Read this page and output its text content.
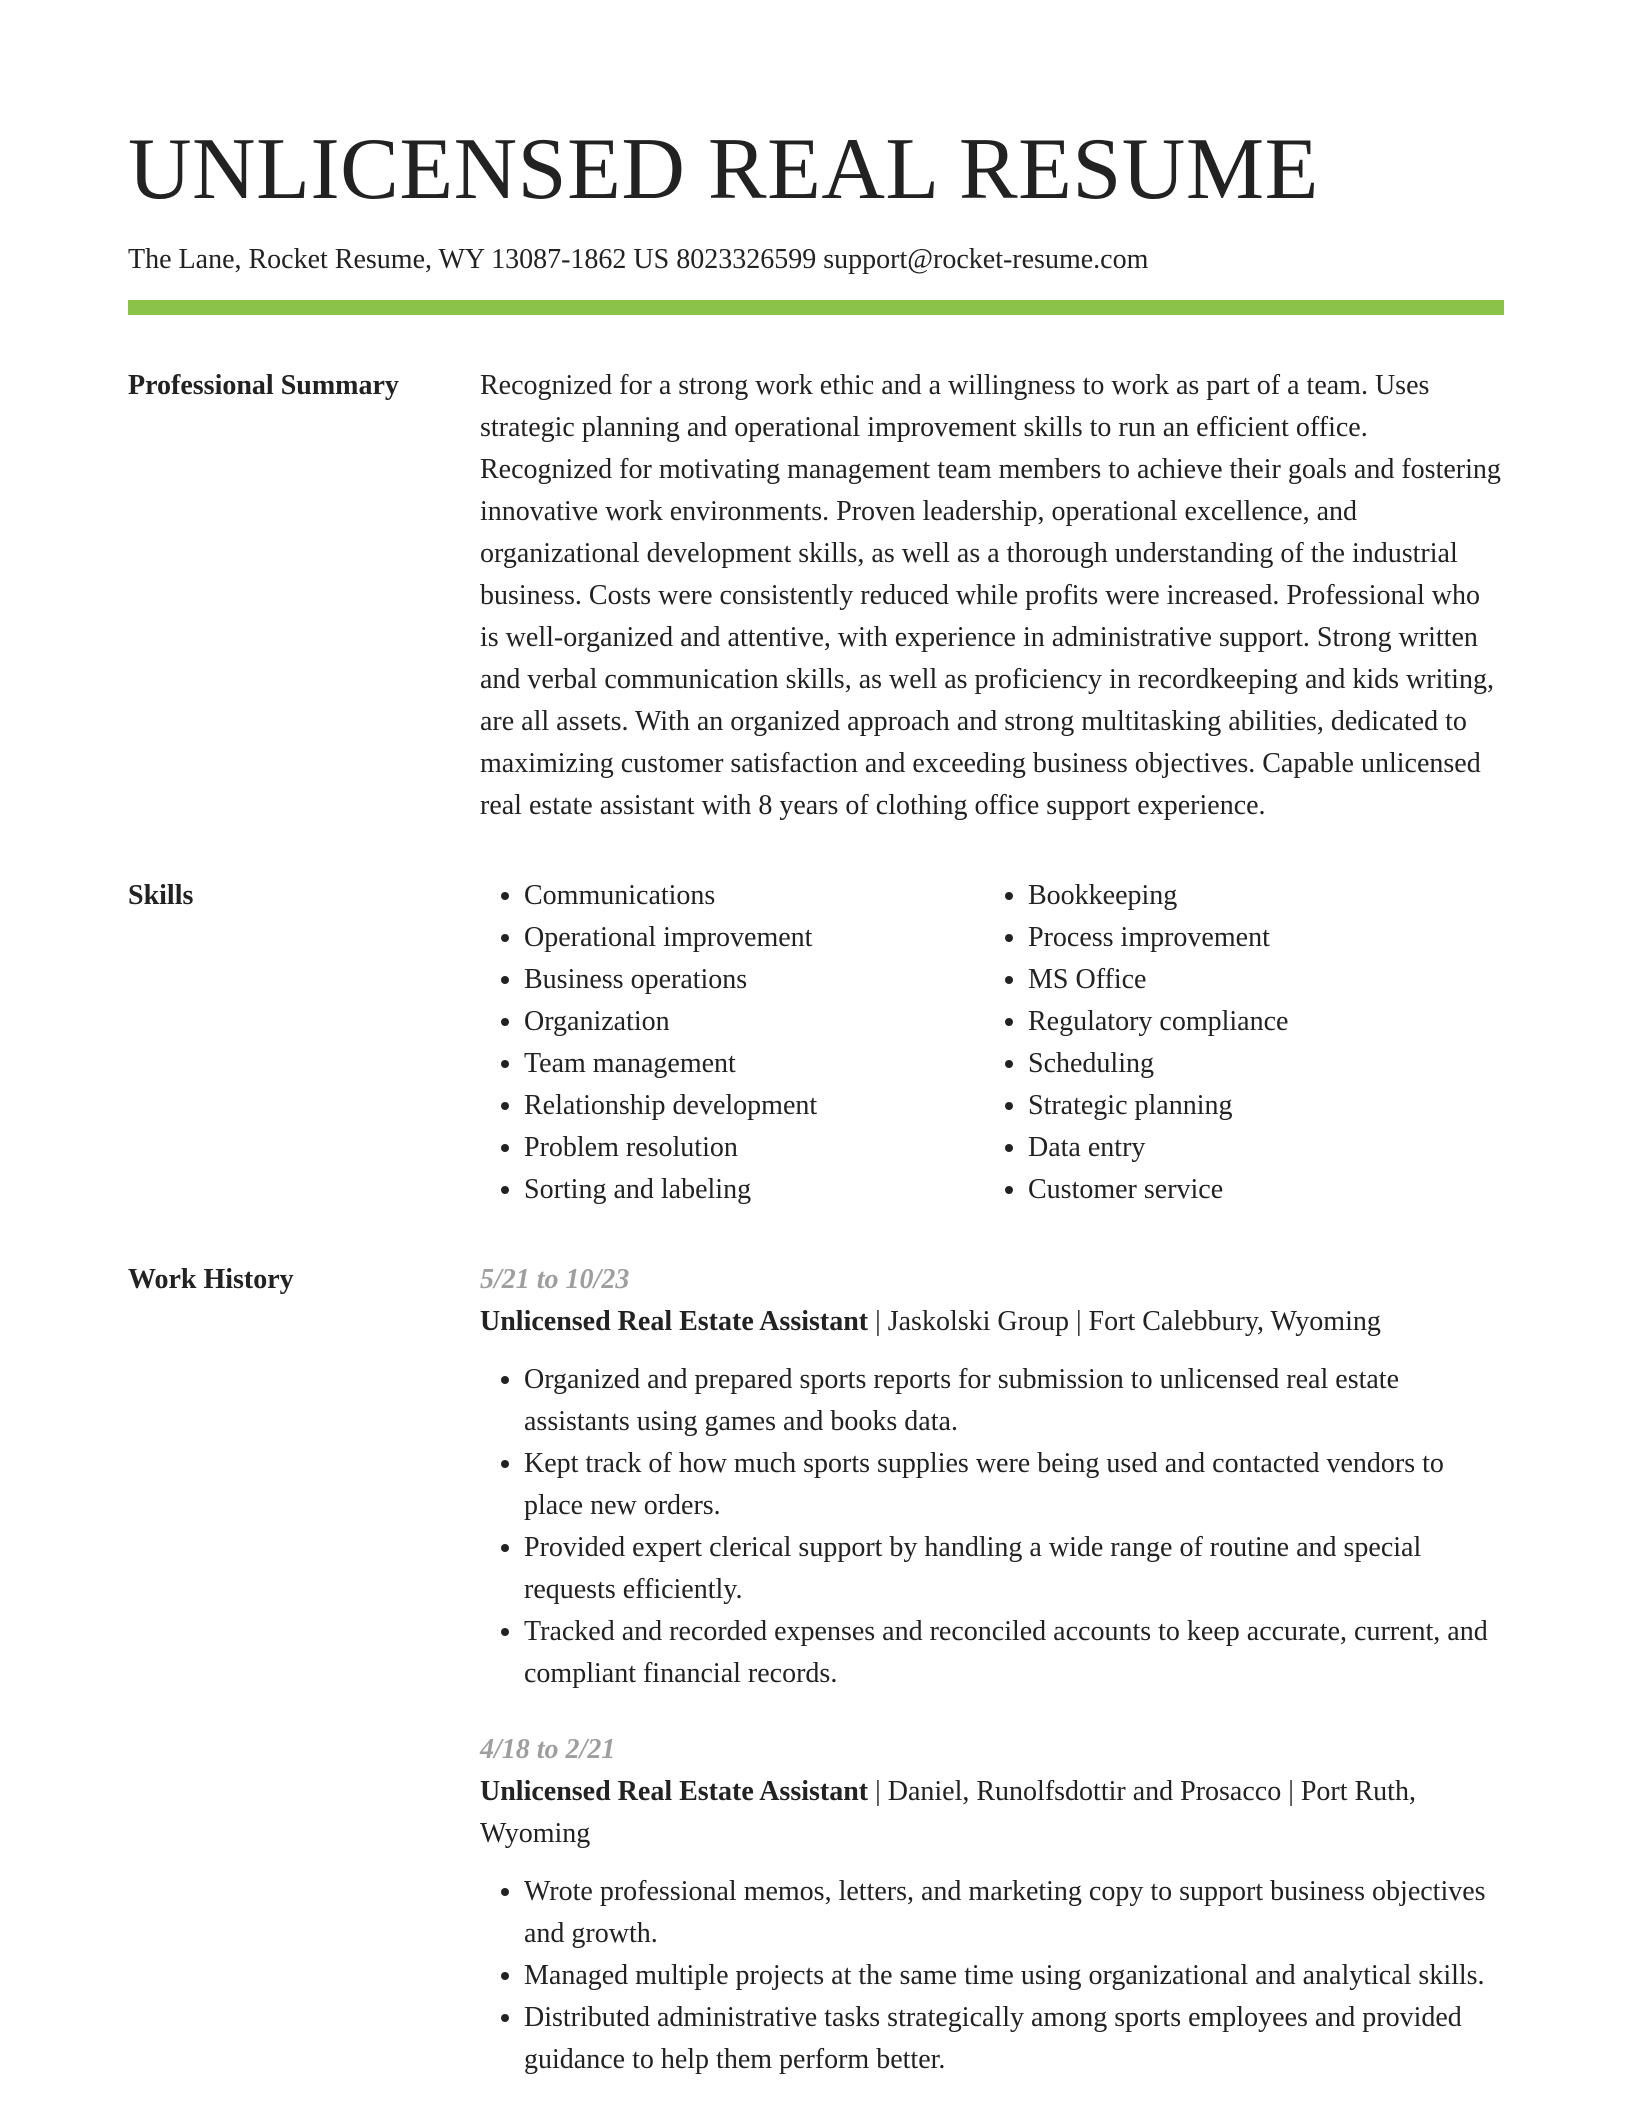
UNLICENSED REAL RESUME
The Lane, Rocket Resume, WY 13087-1862 US 8023326599 support@rocket-resume.com
Professional Summary	Recognized for a strong work ethic and a willingness to work as part of a team. Uses strategic planning and operational improvement skills to run an efficient office. Recognized for motivating management team members to achieve their goals and fostering innovative work environments. Proven leadership, operational excellence, and organizational development skills, as well as a thorough understanding of the industrial business. Costs were consistently reduced while profits were increased. Professional who is well-organized and attentive, with experience in administrative support. Strong written and verbal communication skills, as well as proficiency in recordkeeping and kids writing, are all assets. With an organized approach and strong multitasking abilities, dedicated to maximizing customer satisfaction and exceeding business objectives. Capable unlicensed real estate assistant with 8 years of clothing office support experience.

Skills
•	Communications
• Operational improvement
• Business operations
• Organization
• Team management
• Relationship development
• Problem resolution
• Sorting and labeling
• Bookkeeping
• Process improvement
• MS Office
• Regulatory compliance
• Scheduling
• Strategic planning
• Data entry
• Customer service
Work History	5/21 to 10/23
Unlicensed Real Estate Assistant | Jaskolski Group | Fort Calebbury, Wyoming
• Organized and prepared sports reports for submission to unlicensed real estate assistants using games and books data.
• Kept track of how much sports supplies were being used and contacted vendors to place new orders.
• Provided expert clerical support by handling a wide range of routine and special requests efficiently.
• Tracked and recorded expenses and reconciled accounts to keep accurate, current, and compliant financial records.
4/18 to 2/21
Unlicensed Real Estate Assistant | Daniel, Runolfsdottir and Prosacco | Port Ruth, Wyoming
• Wrote professional memos, letters, and marketing copy to support business objectives and growth.
• Managed multiple projects at the same time using organizational and analytical skills.
• Distributed administrative tasks strategically among sports employees and provided guidance to help them perform better.
